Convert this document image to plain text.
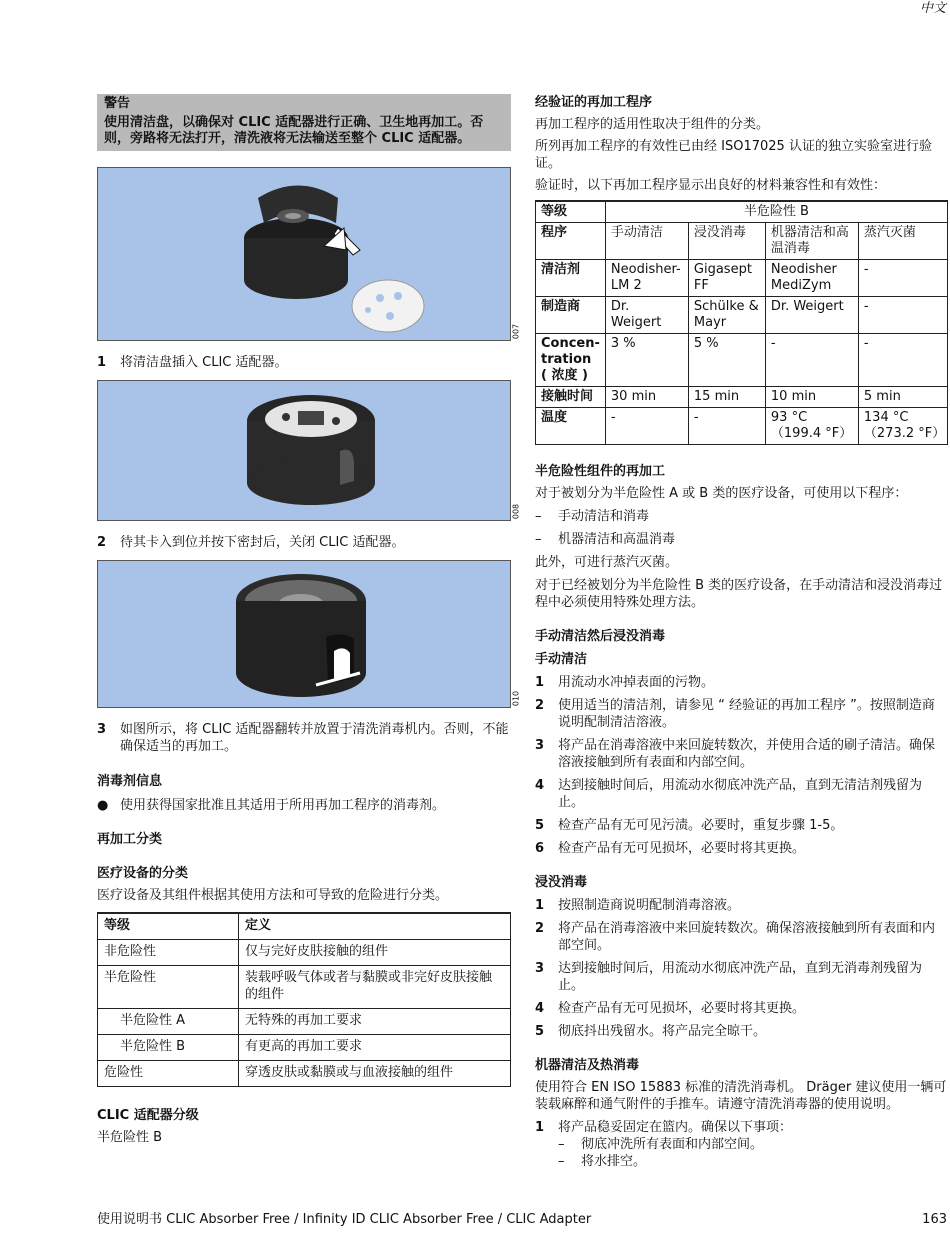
中文
警告
使用清洁盘，以确保对 CLIC 适配器进行正确、卫生地再加工。否则，旁路将无法打开，清洗液将无法输送至整个 CLIC 适配器。
007
1	将清洁盘插入 CLIC 适配器。
008
2	待其卡入到位并按下密封后，关闭 CLIC 适配器。
010
3	如图所示，将 CLIC 适配器翻转并放置于清洗消毒机内。否则，不能确保适当的再加工。
消毒剂信息
● 使用获得国家批准且其适用于所用再加工程序的消毒剂。
再加工分类
医疗设备的分类

医疗设备及其组件根据其使用方法和可导致的危险进行分类。

等级	定义
非危险性	仅与完好皮肤接触的组件
半危险性	装载呼吸气体或者与黏膜或非完好皮肤接触的组件
半危险性 A	无特殊的再加工要求
半危险性 B	有更高的再加工要求
危险性	穿透皮肤或黏膜或与血液接触的组件
CLIC 适配器分级

半危险性 B

经验证的再加工程序

再加工程序的适用性取决于组件的分类。

所列再加工程序的有效性已由经 ISO17025 认证的独立实验室进行验证。

验证时，以下再加工程序显示出良好的材料兼容性和有效性：

等级	半危险性 B			
程序	手动清洁	浸没消毒	机器清洁和高温消毒	蒸汽灭菌
清洁剂	Neodisher-LM 2	Gigasept FF	Neodisher MediZym	-
制造商	Dr. Weigert	Schülke & Mayr	Dr. Weigert	-
Concen-tration ( 浓度 )	3 %	5 %	-	-
接触时间	30 min	15 min	10 min	5 min
温度	-	-	93 °C（199.4 °F）	134 °C（273.2 °F）
半危险性组件的再加工

对于被划分为半危险性 A 或 B 类的医疗设备，可使用以下程序：

–	手动清洁和消毒
–	机器清洁和高温消毒

此外，可进行蒸汽灭菌。

对于已经被划分为半危险性 B 类的医疗设备，在手动清洁和浸没消毒过程中必须使用特殊处理方法。

手动清洁然后浸没消毒
手动清洁
1	用流动水冲掉表面的污物。
2	使用适当的清洁剂，请参见 “ 经验证的再加工程序 ”。按照制造商说明配制清洁溶液。
3	将产品在消毒溶液中来回旋转数次，并使用合适的刷子清洁。确保溶液接触到所有表面和内部空间。
4	达到接触时间后，用流动水彻底冲洗产品，直到无清洁剂残留为止。
5	检查产品有无可见污渍。必要时，重复步骤 1-5。
6	检查产品有无可见损坏，必要时将其更换。
浸没消毒
1	按照制造商说明配制消毒溶液。
2	将产品在消毒溶液中来回旋转数次。确保溶液接触到所有表面和内部空间。
3	达到接触时间后，用流动水彻底冲洗产品，直到无消毒剂残留为止。
4	检查产品有无可见损坏，必要时将其更换。
5	彻底抖出残留水。将产品完全晾干。
机器清洁及热消毒

使用符合 EN ISO 15883 标准的清洗消毒机。 Dräger 建议使用一辆可装载麻醉和通气附件的手推车。请遵守清洗消毒器的使用说明。

1	将产品稳妥固定在篮内。确保以下事项：
–	彻底冲洗所有表面和内部空间。
–	将水排空。
使用说明书 CLIC Absorber Free / Infinity ID CLIC Absorber Free / CLIC Adapter	163
